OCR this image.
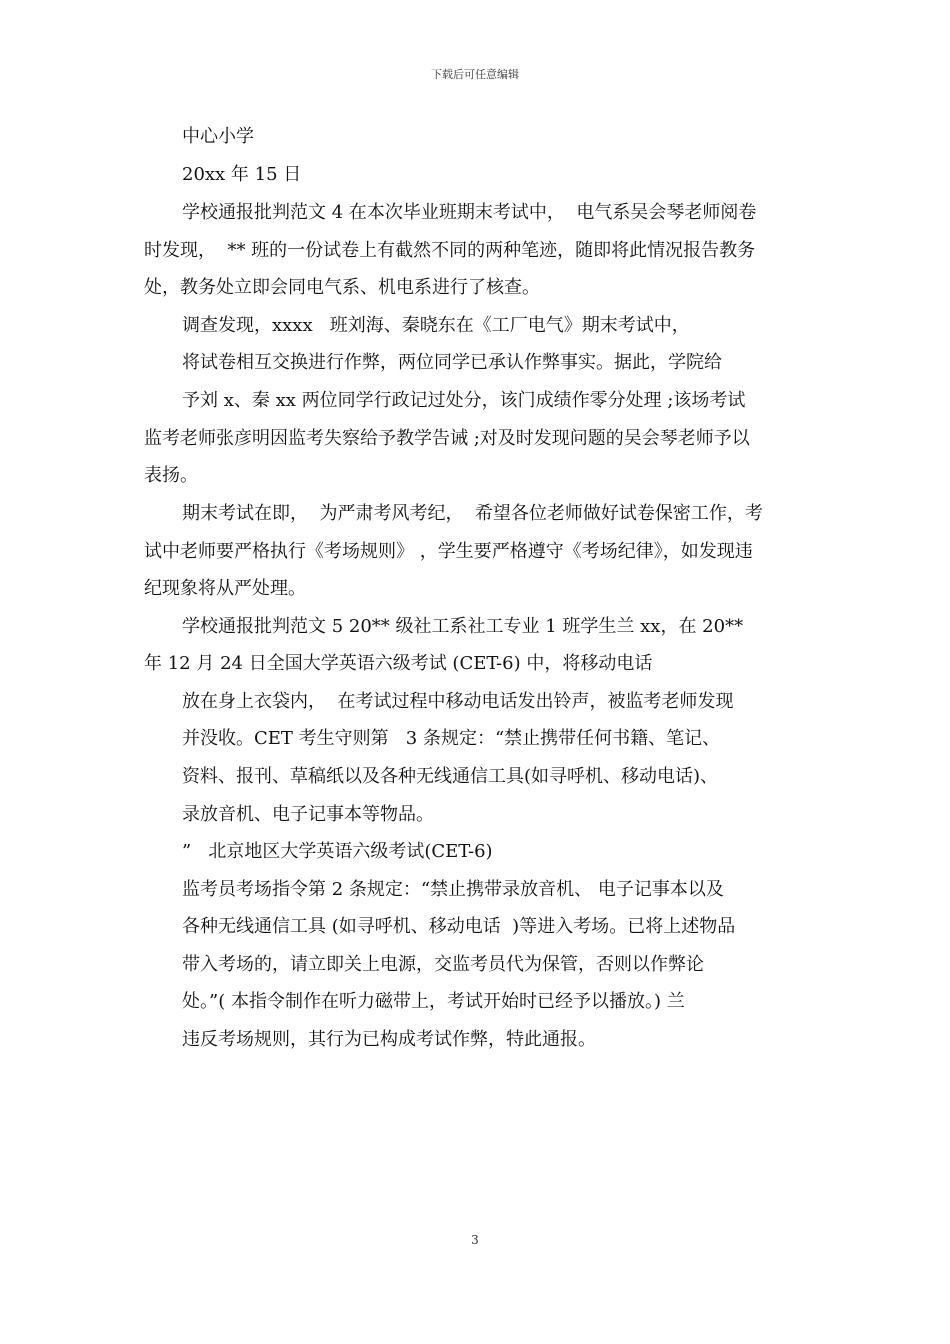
下载后可任意编辑
中心小学
20xx 年 15 日
学校通报批判范文 4 在本次毕业班期末考试中，  电气系吴会琴老师阅卷
时发现，  ** 班的一份试卷上有截然不同的两种笔迹，随即将此情况报告教务
处，教务处立即会同电气系、机电系进行了核查。
调查发现，xxxx   班刘海、秦晓东在《工厂电气》期末考试中，
将试卷相互交换进行作弊，两位同学已承认作弊事实。据此，学院给
予刘 x、秦 xx 两位同学行政记过处分，该门成绩作零分处理 ;该场考试
监考老师张彦明因监考失察给予教学告诫 ;对及时发现问题的吴会琴老师予以
表扬。
期末考试在即，  为严肃考风考纪，  希望各位老师做好试卷保密工作，考
试中老师要严格执行《考场规则》 ，学生要严格遵守《考场纪律》，如发现违
纪现象将从严处理。
学校通报批判范文 5 20** 级社工系社工专业 1 班学生兰 xx，在 20**
年 12 月 24 日全国大学英语六级考试 (CET-6) 中，将移动电话
放在身上衣袋内，  在考试过程中移动电话发出铃声，被监考老师发现
并没收。CET 考生守则第   3 条规定：“禁止携带任何书籍、笔记、
资料、报刊、草稿纸以及各种无线通信工具(如寻呼机、移动电话)、
录放音机、电子记事本等物品。
”   北京地区大学英语六级考试(CET-6)
监考员考场指令第 2 条规定：“禁止携带录放音机、 电子记事本以及
各种无线通信工具 (如寻呼机、移动电话  )等进入考场。已将上述物品
带入考场的，请立即关上电源，交监考员代为保管，否则以作弊论
处。”( 本指令制作在听力磁带上，考试开始时已经予以播放。) 兰
违反考场规则，其行为已构成考试作弊，特此通报。
3
